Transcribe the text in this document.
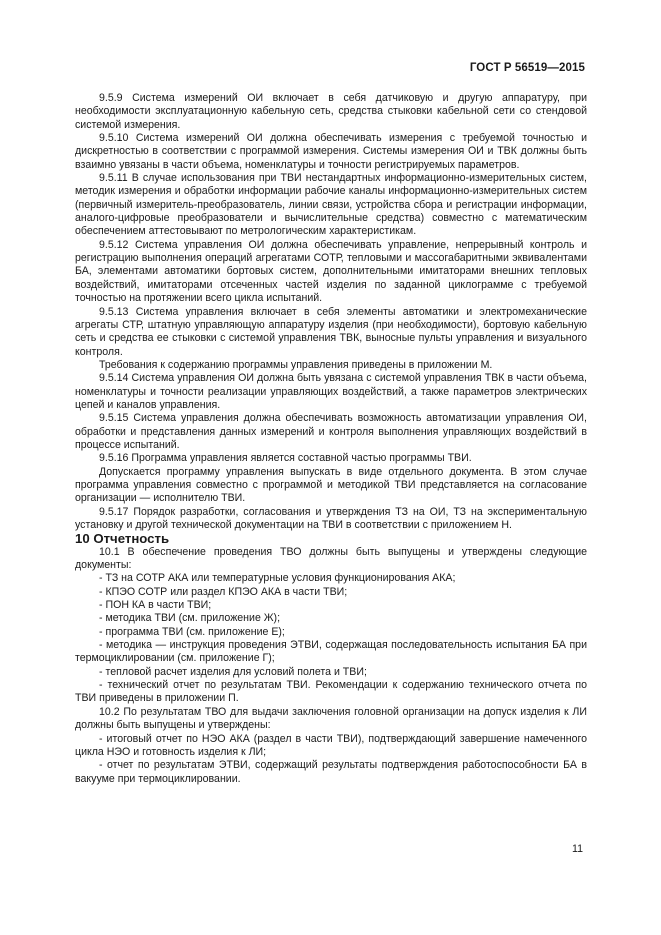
ГОСТ Р 56519—2015

9.5.9 Система измерений ОИ включает в себя датчиковую и другую аппаратуру, при необходимости эксплуатационную кабельную сеть, средства стыковки кабельной сети со стендовой системой измерения.

9.5.10 Система измерений ОИ должна обеспечивать измерения с требуемой точностью и дискретностью в соответствии с программой измерения. Системы измерения ОИ и ТВК должны быть взаимно увязаны в части объема, номенклатуры и точности регистрируемых параметров.

9.5.11 В случае использования при ТВИ нестандартных информационно-измерительных систем, методик измерения и обработки информации рабочие каналы информационно-измерительных систем (первичный измеритель-преобразователь, линии связи, устройства сбора и регистрации информации, аналого-цифровые преобразователи и вычислительные средства) совместно с математическим обеспечением аттестовывают по метрологическим характеристикам.

9.5.12 Система управления ОИ должна обеспечивать управление, непрерывный контроль и регистрацию выполнения операций агрегатами СОТР, тепловыми и массогабаритными эквивалентами БА, элементами автоматики бортовых систем, дополнительными имитаторами внешних тепловых воздействий, имитаторами отсеченных частей изделия по заданной циклограмме с требуемой точностью на протяжении всего цикла испытаний.

9.5.13 Система управления включает в себя элементы автоматики и электромеханические агрегаты СТР, штатную управляющую аппаратуру изделия (при необходимости), бортовую кабельную сеть и средства ее стыковки с системой управления ТВК, выносные пульты управления и визуального контроля.

Требования к содержанию программы управления приведены в приложении М.

9.5.14 Система управления ОИ должна быть увязана с системой управления ТВК в части объема, номенклатуры и точности реализации управляющих воздействий, а также параметров электрических цепей и каналов управления.

9.5.15 Система управления должна обеспечивать возможность автоматизации управления ОИ, обработки и представления данных измерений и контроля выполнения управляющих воздействий в процессе испытаний.

9.5.16 Программа управления является составной частью программы ТВИ.

Допускается программу управления выпускать в виде отдельного документа. В этом случае программа управления совместно с программой и методикой ТВИ представляется на согласование организации — исполнителю ТВИ.

9.5.17 Порядок разработки, согласования и утверждения ТЗ на ОИ, ТЗ на экспериментальную установку и другой технической документации на ТВИ в соответствии с приложением Н.

10 Отчетность

10.1 В обеспечение проведения ТВО должны быть выпущены и утверждены следующие документы:

- ТЗ на СОТР АКА или температурные условия функционирования АКА;

- КПЭО СОТР или раздел КПЭО АКА в части ТВИ;

- ПОН КА в части ТВИ;

- методика ТВИ (см. приложение Ж);

- программа ТВИ (см. приложение Е);

- методика — инструкция проведения ЭТВИ, содержащая последовательность испытания БА при термоциклировании (см. приложение Г);

- тепловой расчет изделия для условий полета и ТВИ;

- технический отчет по результатам ТВИ. Рекомендации к содержанию технического отчета по ТВИ приведены в приложении П.

10.2 По результатам ТВО для выдачи заключения головной организации на допуск изделия к ЛИ должны быть выпущены и утверждены:

- итоговый отчет по НЭО АКА (раздел в части ТВИ), подтверждающий завершение намеченного цикла НЭО и готовность изделия к ЛИ;

- отчет по результатам ЭТВИ, содержащий результаты подтверждения работоспособности БА в вакууме при термоциклировании.

11
